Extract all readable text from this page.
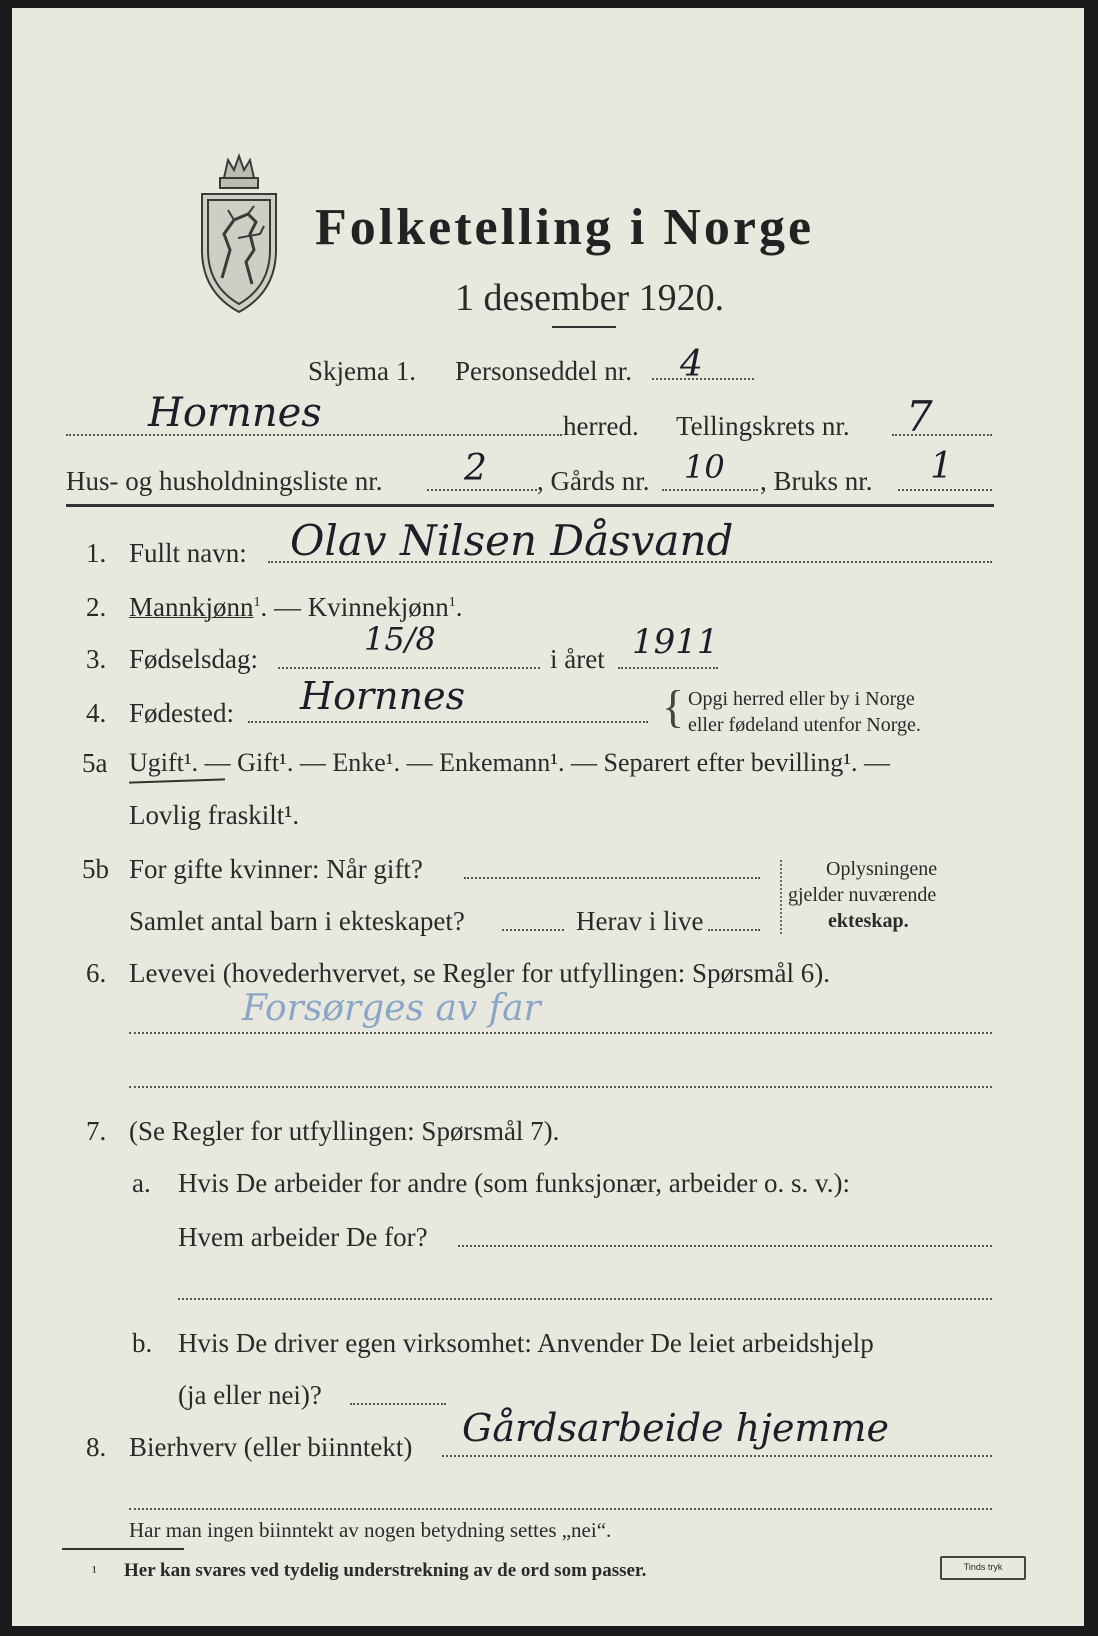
Folketelling i Norge
1 desember 1920.
Skjema 1. Personseddel nr. 4
Hornnes	herred. Tellingskrets nr. 7
Hus- og husholdningsliste nr. 2 , Gårds nr. 10 , Bruks nr. 1
1. Fullt navn: Olav Nilsen Dåsvand
2. Mannkjønn$^1$. — Kvinnekjønn$^1$.
3. Fødselsdag:
15/8
i året 1911
4. Fødested: Hornnes	{ Opgi herred eller by i Norge
eller fødeland utenfor Norge.
5a Ugift¹. — Gift¹. — Enke¹. — Enkemann¹. — Separert efter bevilling¹. —
Lovlig fraskilt¹.
5b For gifte kvinner: Når gift?
Samlet antal barn i ekteskapet?	Herav i live
Oplysningene
gjelder nuværende
ekteskap.
6. Levevei (hovederhvervet, se Regler for utfyllingen: Spørsmål 6).
Forsørges av far
7. (Se Regler for utfyllingen: Spørsmål 7).
a. Hvis De arbeider for andre (som funksjonær, arbeider o. s. v.):
Hvem arbeider De for?
b. Hvis De driver egen virksomhet: Anvender De leiet arbeidshjelp
(ja eller nei)?
8. Bierhverv (eller biinntekt) Gårdsarbeide hjemme
Har man ingen biinntekt av nogen betydning settes „nei“.
¹ Her kan svares ved tydelig understrekning av de ord som passer.	Tinds tryk
